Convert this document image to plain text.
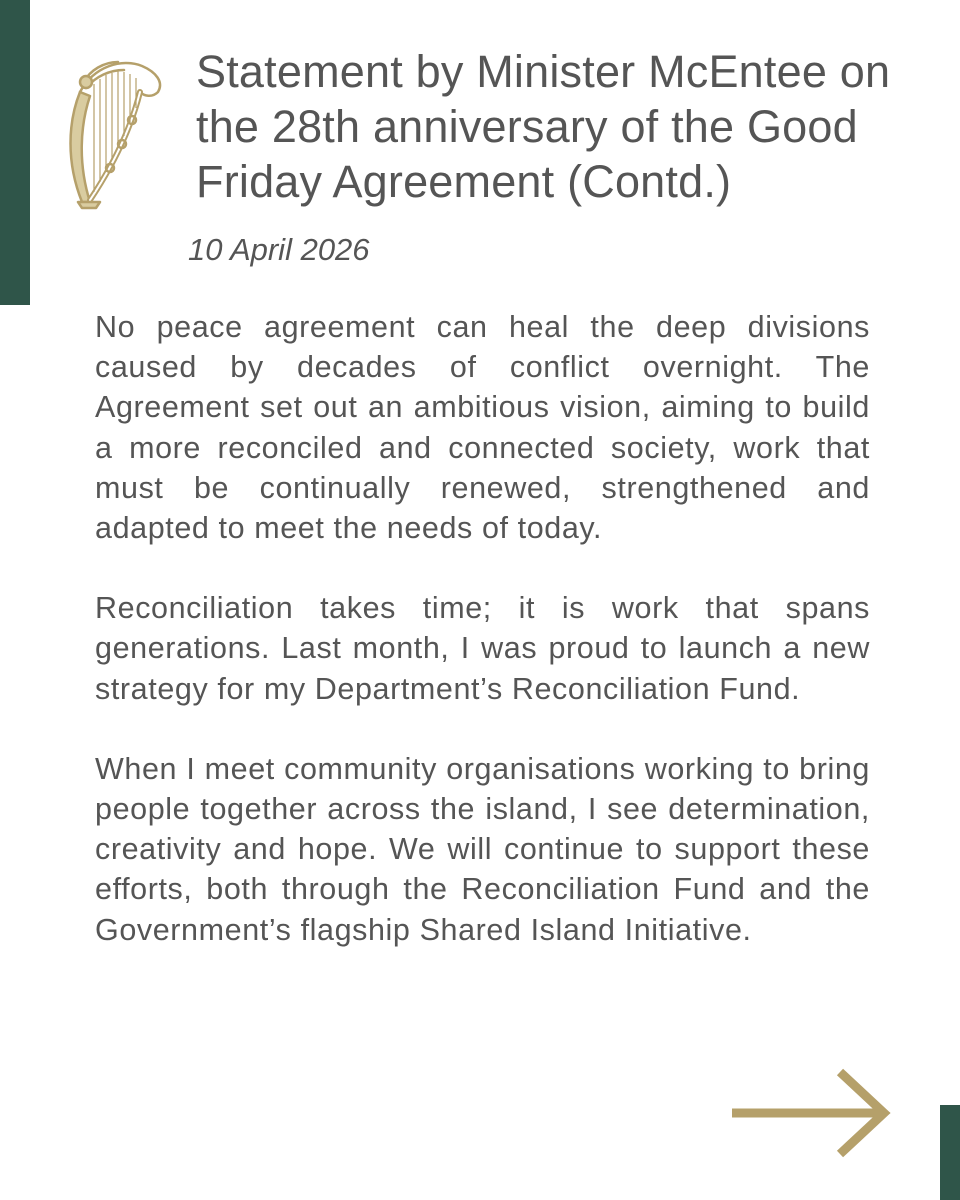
Statement by Minister McEntee on the 28th anniversary of the Good Friday Agreement (Contd.)
10 April 2026

No peace agreement can heal the deep divisions caused by decades of conflict overnight. The Agreement set out an ambitious vision, aiming to build a more reconciled and connected society, work that must be continually renewed, strengthened and adapted to meet the needs of today.

Reconciliation takes time; it is work that spans generations. Last month, I was proud to launch a new strategy for my Department’s Reconciliation Fund.

When I meet community organisations working to bring people together across the island, I see determination, creativity and hope. We will continue to support these efforts, both through the Reconciliation Fund and the Government’s flagship Shared Island Initiative.
